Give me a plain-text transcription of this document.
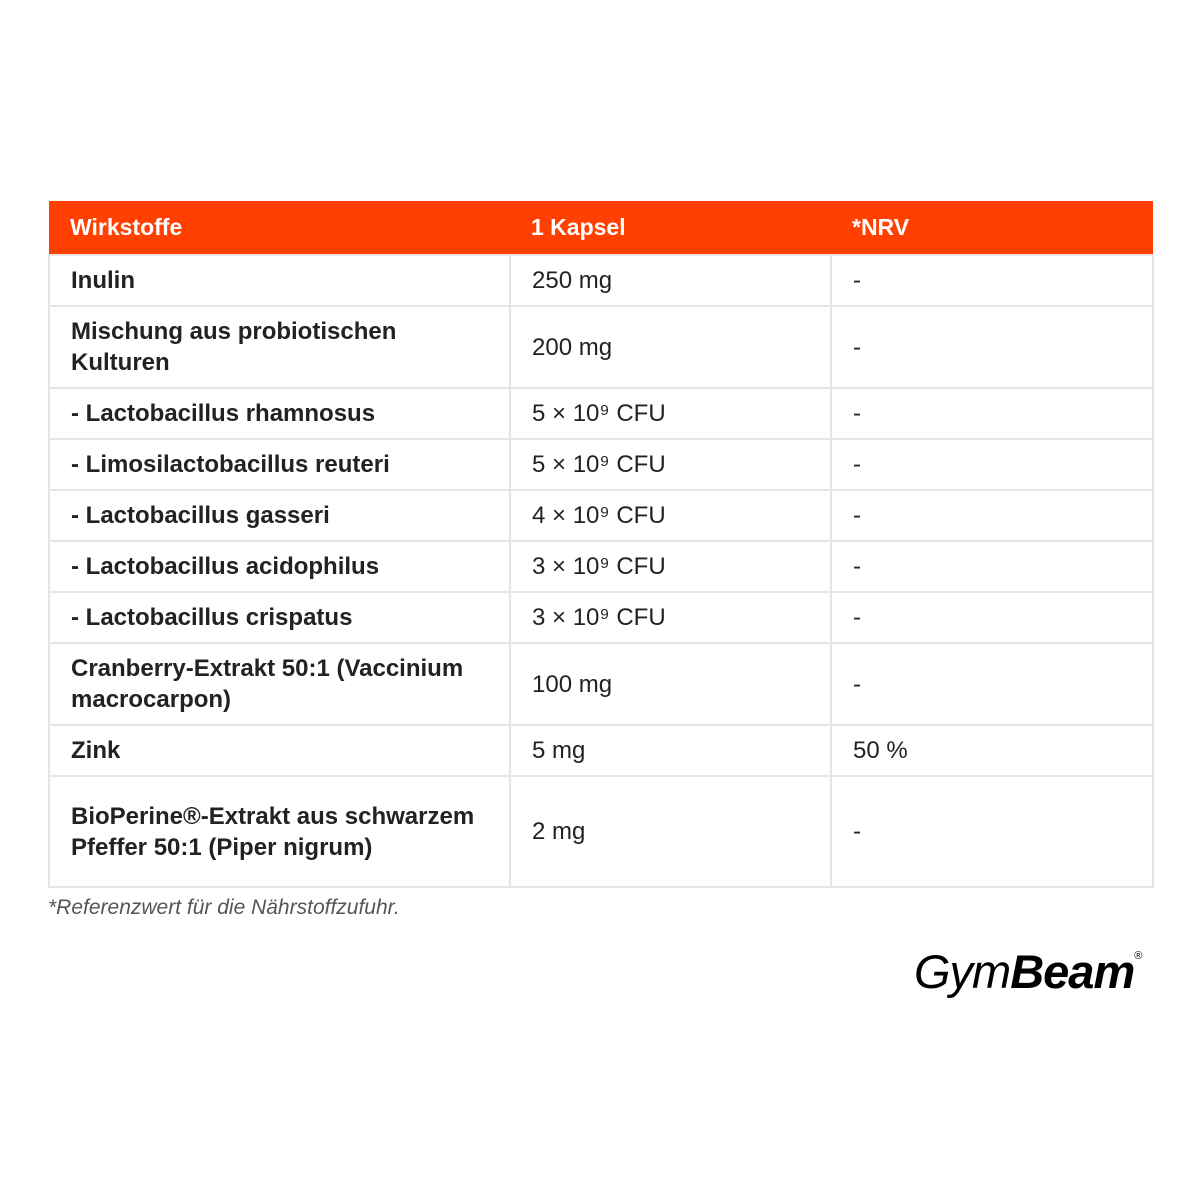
Wirkstoffe	1 Kapsel	*NRV
Inulin	250 mg	-
Mischung aus probiotischen Kulturen	200 mg	-
- Lactobacillus rhamnosus	5 × 10⁹ CFU	-
- Limosilactobacillus reuteri	5 × 10⁹ CFU	-
- Lactobacillus gasseri	4 × 10⁹ CFU	-
- Lactobacillus acidophilus	3 × 10⁹ CFU	-
- Lactobacillus crispatus	3 × 10⁹ CFU	-
Cranberry-Extrakt 50:1 (Vaccinium macrocarpon)	100 mg	-
Zink	5 mg	50 %
BioPerine®-Extrakt aus schwarzem Pfeffer 50:1 (Piper nigrum)	2 mg	-
*Referenzwert für die Nährstoffzufuhr.
GymBeam®
